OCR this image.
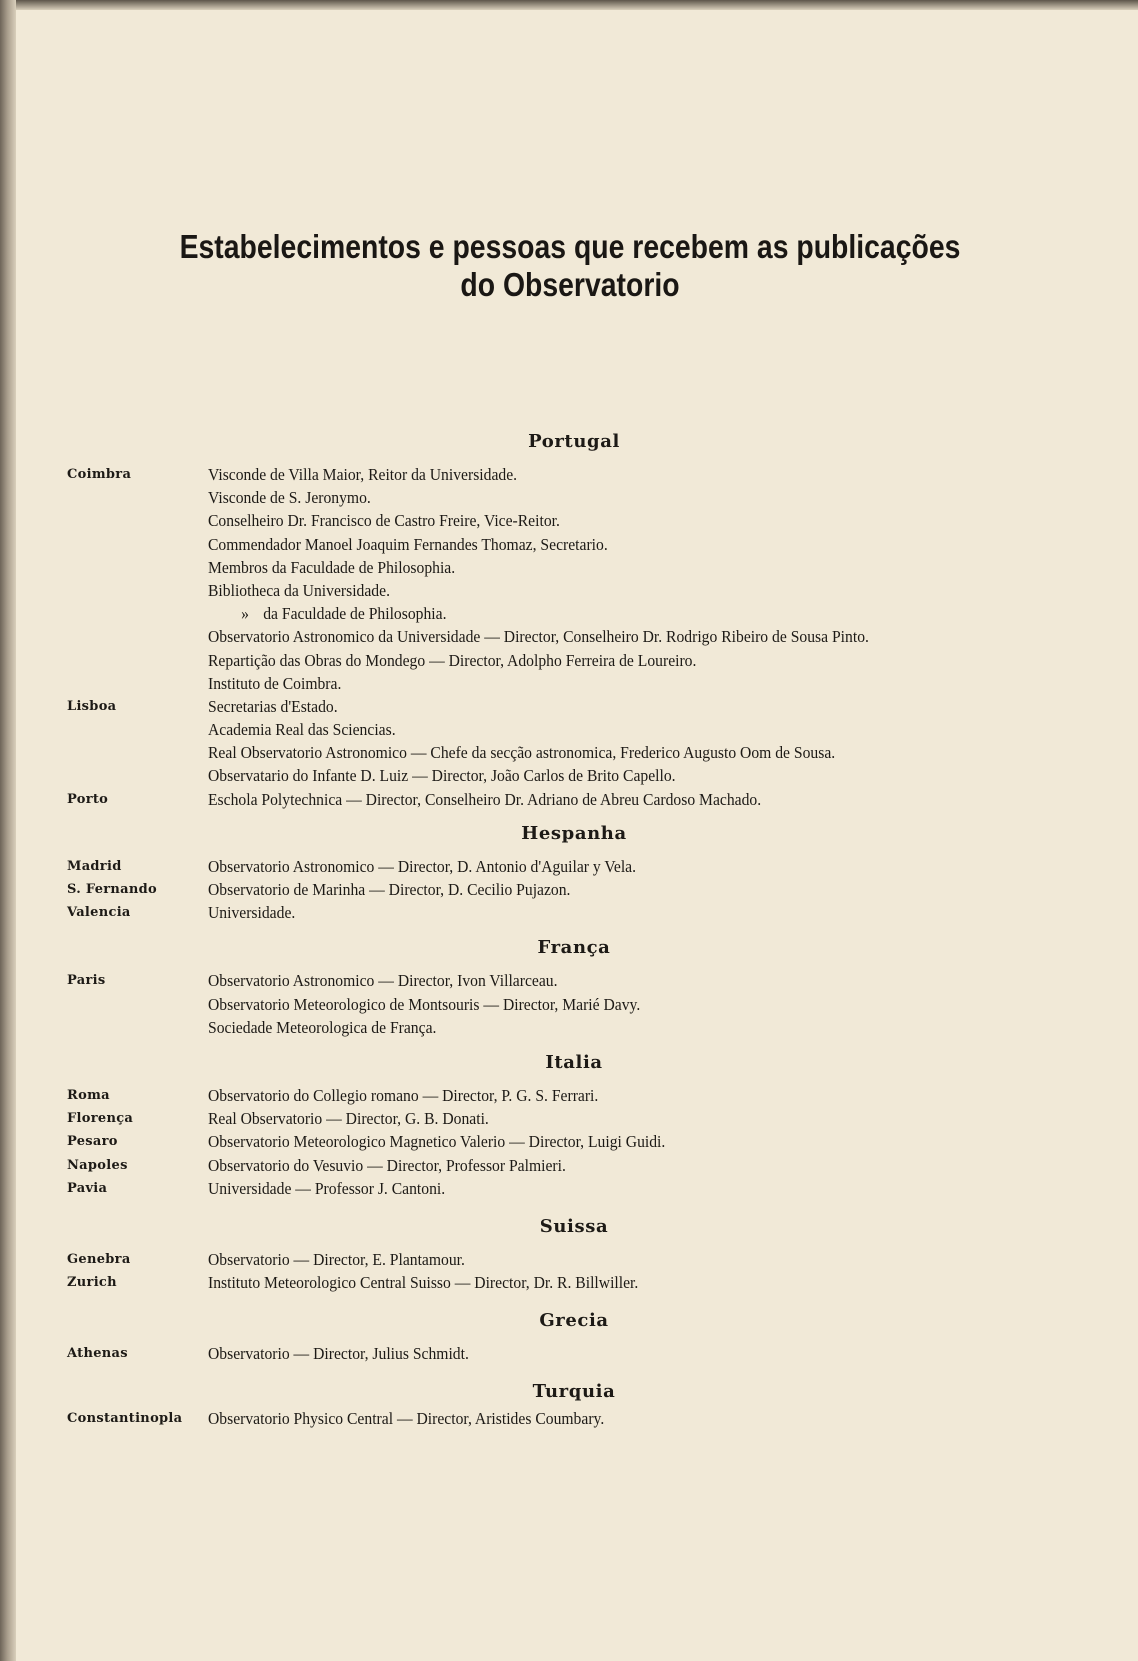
Estabelecimentos e pessoas que recebem as publicações
do Observatorio
Portugal
Coimbra	Visconde de Villa Maior, Reitor da Universidade.
Visconde de S. Jeronymo.
Conselheiro Dr. Francisco de Castro Freire, Vice-Reitor.
Commendador Manoel Joaquim Fernandes Thomaz, Secretario.
Membros da Faculdade de Philosophia.
Bibliotheca da Universidade.
» da Faculdade de Philosophia.
Observatorio Astronomico da Universidade — Director, Conselheiro Dr. Rodrigo Ribeiro de Sousa Pinto.
Repartição das Obras do Mondego — Director, Adolpho Ferreira de Loureiro.
Instituto de Coimbra.
Lisboa	Secretarias d'Estado.
Academia Real das Sciencias.
Real Observatorio Astronomico — Chefe da secção astronomica, Frederico Augusto Oom de Sousa.
Observatario do Infante D. Luiz — Director, João Carlos de Brito Capello.
Porto	Eschola Polytechnica — Director, Conselheiro Dr. Adriano de Abreu Cardoso Machado.
Hespanha
Madrid	Observatorio Astronomico — Director, D. Antonio d'Aguilar y Vela.
S. Fernando	Observatorio de Marinha — Director, D. Cecilio Pujazon.
Valencia	Universidade.
França
Paris	Observatorio Astronomico — Director, Ivon Villarceau.
Observatorio Meteorologico de Montsouris — Director, Marié Davy.
Sociedade Meteorologica de França.
Italia
Roma	Observatorio do Collegio romano — Director, P. G. S. Ferrari.
Florença	Real Observatorio — Director, G. B. Donati.
Pesaro	Observatorio Meteorologico Magnetico Valerio — Director, Luigi Guidi.
Napoles	Observatorio do Vesuvio — Director, Professor Palmieri.
Pavia	Universidade — Professor J. Cantoni.
Suissa
Genebra	Observatorio — Director, E. Plantamour.
Zurich	Instituto Meteorologico Central Suisso — Director, Dr. R. Billwiller.
Grecia
Athenas	Observatorio — Director, Julius Schmidt.
Turquia
Constantinopla Observatorio Physico Central — Director, Aristides Coumbary.
